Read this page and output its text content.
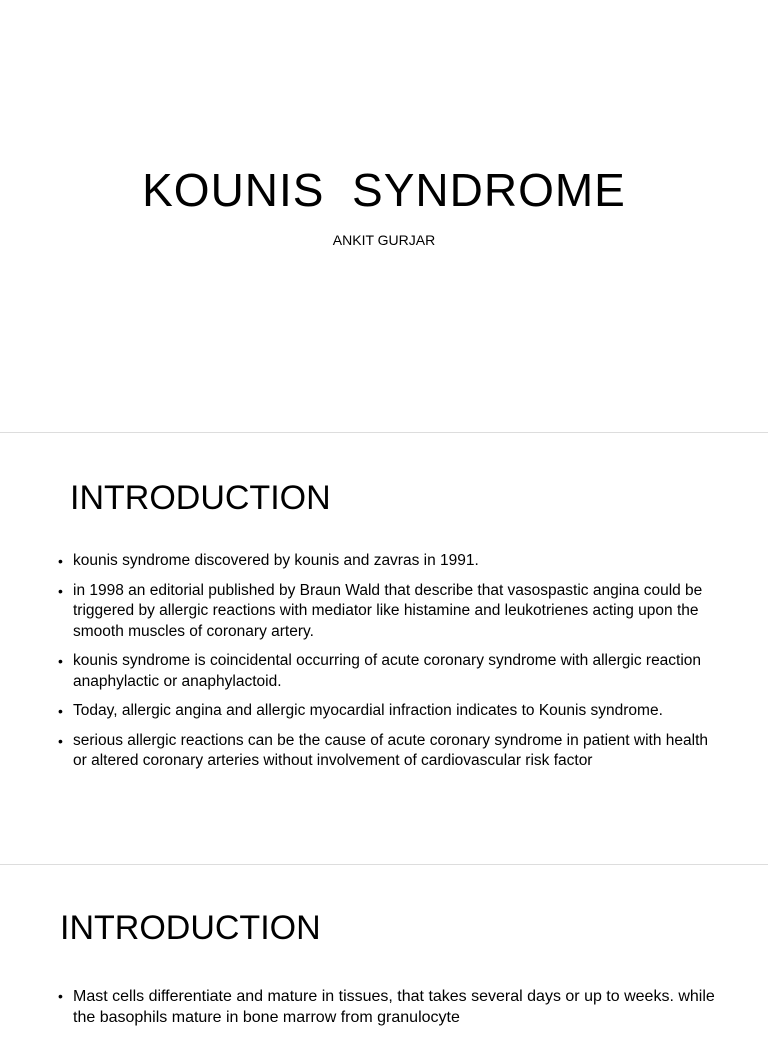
KOUNIS  SYNDROME
ANKIT GURJAR
INTRODUCTION
• kounis syndrome discovered by kounis and zavras in 1991.
• in 1998 an editorial published by Braun Wald that describe that vasospastic angina could be triggered by allergic reactions with mediator like histamine and leukotrienes acting upon the smooth muscles of coronary artery.
• kounis syndrome is coincidental occurring of acute coronary syndrome with allergic reaction anaphylactic or anaphylactoid.
• Today, allergic angina and allergic myocardial infraction indicates to Kounis syndrome.
• serious allergic reactions can be the cause of acute coronary syndrome in patient with health or altered coronary arteries without involvement of cardiovascular risk factor
INTRODUCTION
• Mast cells differentiate and mature in tissues, that takes several days or up to weeks. while the basophils mature in bone marrow from granulocyte
